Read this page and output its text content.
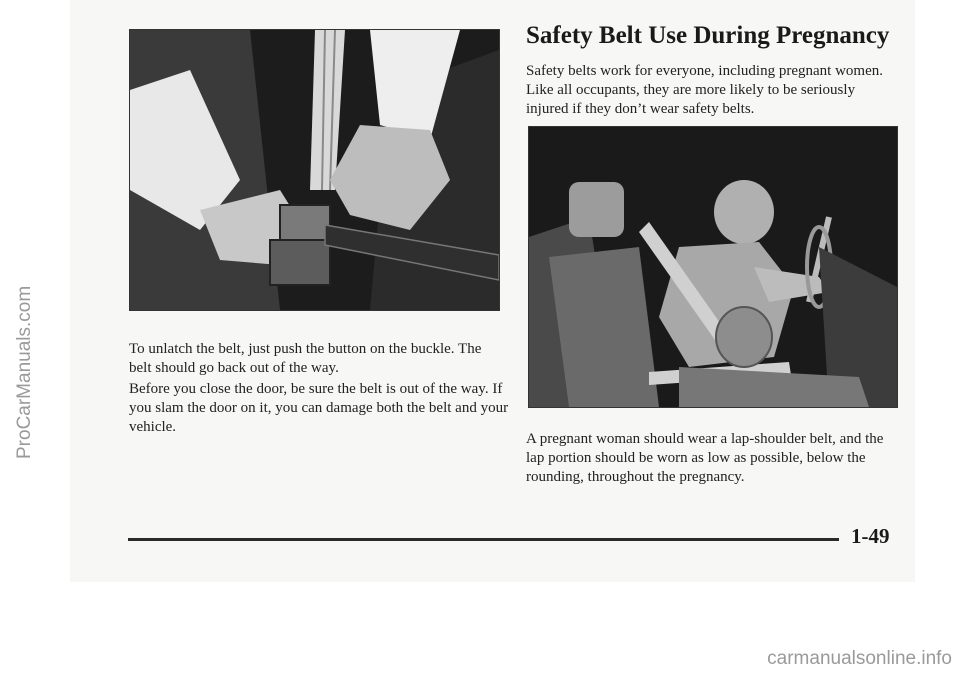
ProCarManuals.com
Safety Belt Use During Pregnancy

Safety belts work for everyone, including pregnant women. Like all occupants, they are more likely to be seriously injured if they don’t wear safety belts.

To unlatch the belt, just push the button on the buckle. The belt should go back out of the way.

Before you close the door, be sure the belt is out of the way. If you slam the door on it, you can damage both the belt and your vehicle.

A pregnant woman should wear a lap-shoulder belt, and the lap portion should be worn as low as possible, below the rounding, throughout the pregnancy.

1-49
carmanualsonline.info
